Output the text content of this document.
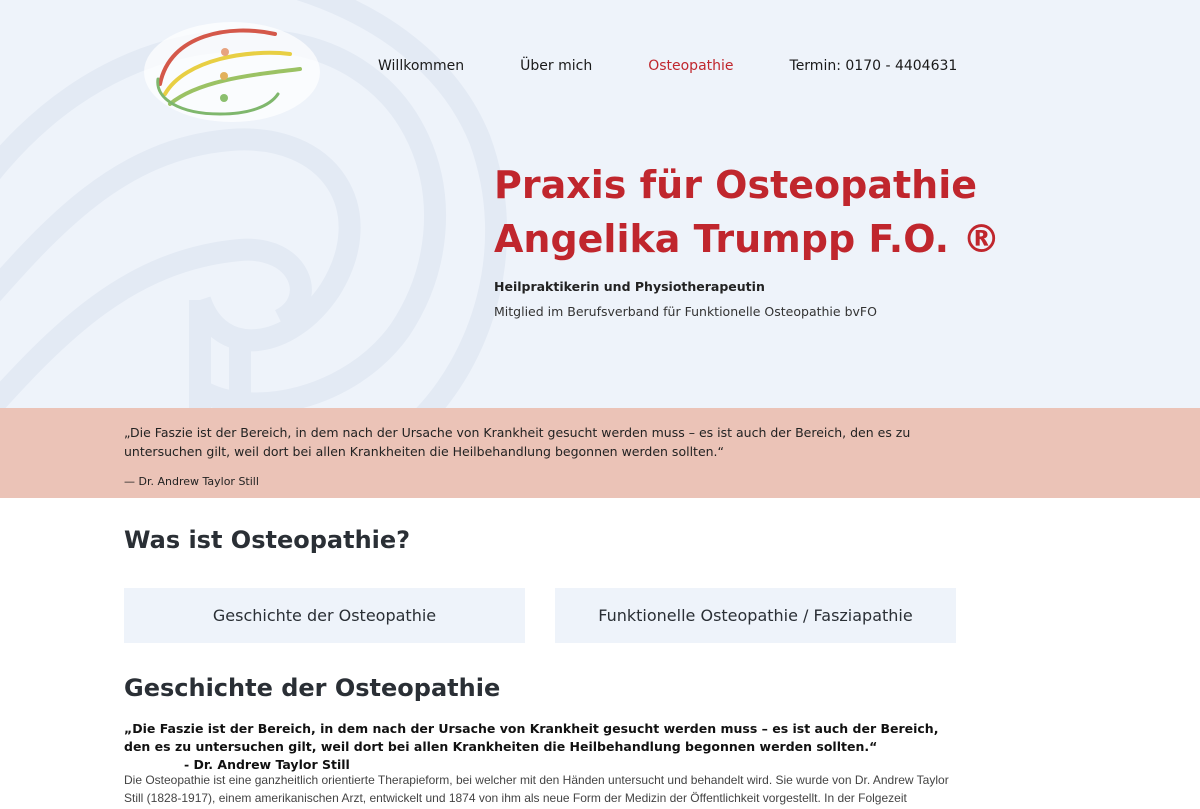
Willkommen	Über mich	Osteopathie	Termin: 0170 - 4404631
Praxis für Osteopathie
Angelika Trumpp F.O. ®
Heilpraktikerin und Physiotherapeutin
Mitglied im Berufsverband für Funktionelle Osteopathie bvFO
„Die Faszie ist der Bereich, in dem nach der Ursache von Krankheit gesucht werden muss – es ist auch der Bereich, den es zu untersuchen gilt, weil dort bei allen Krankheiten die Heilbehandlung begonnen werden sollten.“
— Dr. Andrew Taylor Still
Was ist Osteopathie?
Geschichte der Osteopathie	Funktionelle Osteopathie / Fasziapathie
Geschichte der Osteopathie
„Die Faszie ist der Bereich, in dem nach der Ursache von Krankheit gesucht werden muss – es ist auch der Bereich, den es zu untersuchen gilt, weil dort bei allen Krankheiten die Heilbehandlung begonnen werden sollten.“ - Dr. Andrew Taylor Still

Die Osteopathie ist eine ganzheitlich orientierte Therapieform, bei welcher mit den Händen untersucht und behandelt wird. Sie wurde von Dr. Andrew Taylor Still (1828-1917), einem amerikanischen Arzt, entwickelt und 1874 von ihm als neue Form der Medizin der Öffentlichkeit vorgestellt. In der Folgezeit
